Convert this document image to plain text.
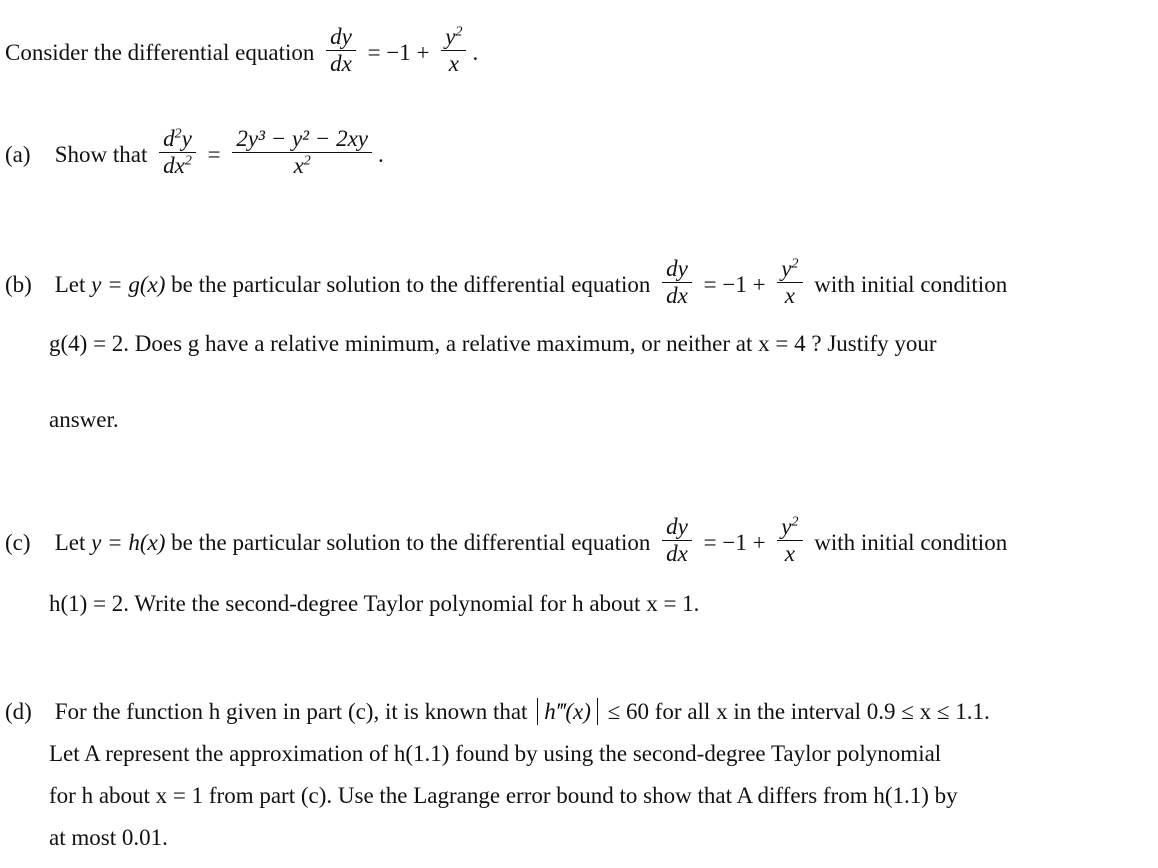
Consider the differential equation $\frac{dy}{dx} = -1 + \frac{y^2}{x}$ .
(a) Show that $\frac{d^2y}{dx^2} = \frac{\text{2y³ − y² − 2xy}}{x^2}$ .
(b) Let y = g(x) be the particular solution to the differential equation $\frac{dy}{dx} = -1 + \frac{y^2}{x}$ with initial condition
g(4) = 2. Does g have a relative minimum, a relative maximum, or neither at x = 4 ? Justify your
answer.
(c) Let y = h(x) be the particular solution to the differential equation $\frac{dy}{dx} = -1 + \frac{y^2}{x}$ with initial condition
h(1) = 2. Write the second-degree Taylor polynomial for h about x = 1.
(d) For the function h given in part (c), it is known that h‴(x) ≤ 60 for all x in the interval 0.9 ≤ x ≤ 1.1.
Let A represent the approximation of h(1.1) found by using the second-degree Taylor polynomial
for h about x = 1 from part (c). Use the Lagrange error bound to show that A differs from h(1.1) by
at most 0.01.
